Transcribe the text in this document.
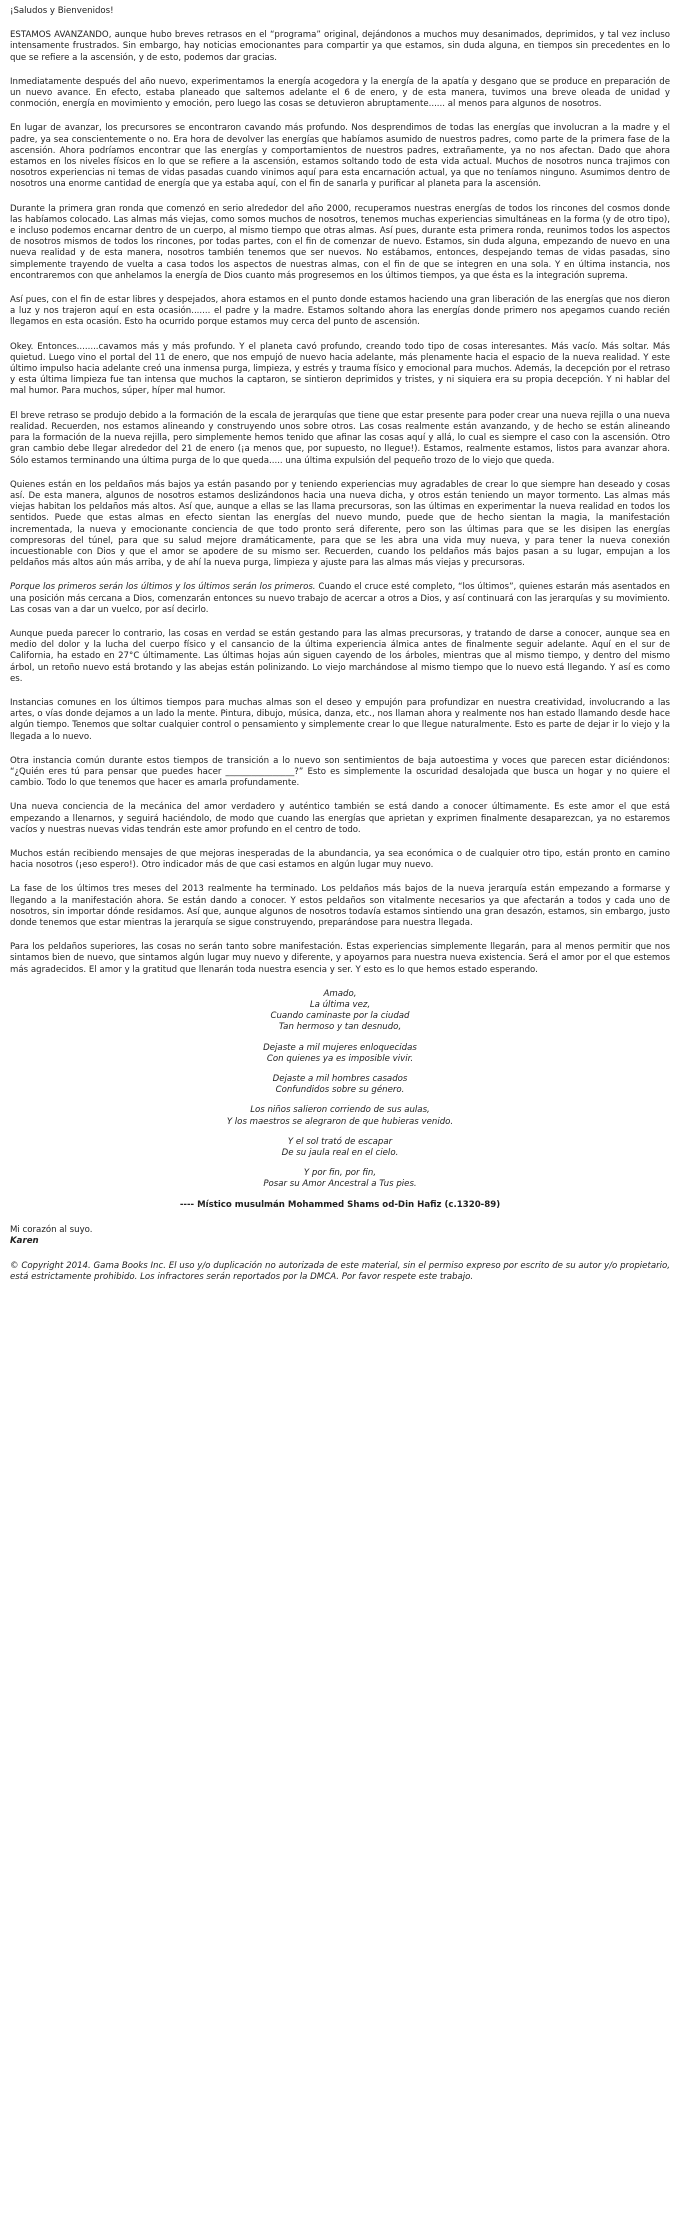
¡Saludos y Bienvenidos!

ESTAMOS AVANZANDO, aunque hubo breves retrasos en el “programa” original, dejándonos a muchos muy desanimados, deprimidos, y tal vez incluso intensamente frustrados. Sin embargo, hay noticias emocionantes para compartir ya que estamos, sin duda alguna, en tiempos sin precedentes en lo que se refiere a la ascensión, y de esto, podemos dar gracias.

Inmediatamente después del año nuevo, experimentamos la energía acogedora y la energía de la apatía y desgano que se produce en preparación de un nuevo avance. En efecto, estaba planeado que saltemos adelante el 6 de enero, y de esta manera, tuvimos una breve oleada de unidad y conmoción, energía en movimiento y emoción, pero luego las cosas se detuvieron abruptamente...... al menos para algunos de nosotros.

En lugar de avanzar, los precursores se encontraron cavando más profundo. Nos desprendimos de todas las energías que involucran a la madre y el padre, ya sea conscientemente o no. Era hora de devolver las energías que habíamos asumido de nuestros padres, como parte de la primera fase de la ascensión. Ahora podríamos encontrar que las energías y comportamientos de nuestros padres, extrañamente, ya no nos afectan. Dado que ahora estamos en los niveles físicos en lo que se refiere a la ascensión, estamos soltando todo de esta vida actual. Muchos de nosotros nunca trajimos con nosotros experiencias ni temas de vidas pasadas cuando vinimos aquí para esta encarnación actual, ya que no teníamos ninguno. Asumimos dentro de nosotros una enorme cantidad de energía que ya estaba aquí, con el fin de sanarla y purificar al planeta para la ascensión.

Durante la primera gran ronda que comenzó en serio alrededor del año 2000, recuperamos nuestras energías de todos los rincones del cosmos donde las habíamos colocado. Las almas más viejas, como somos muchos de nosotros, tenemos muchas experiencias simultáneas en la forma (y de otro tipo), e incluso podemos encarnar dentro de un cuerpo, al mismo tiempo que otras almas. Así pues, durante esta primera ronda, reunimos todos los aspectos de nosotros mismos de todos los rincones, por todas partes, con el fin de comenzar de nuevo. Estamos, sin duda alguna, empezando de nuevo en una nueva realidad y de esta manera, nosotros también tenemos que ser nuevos. No estábamos, entonces, despejando temas de vidas pasadas, sino simplemente trayendo de vuelta a casa todos los aspectos de nuestras almas, con el fin de que se integren en una sola. Y en última instancia, nos encontraremos con que anhelamos la energía de Dios cuanto más progresemos en los últimos tiempos, ya que ésta es la integración suprema.

Así pues, con el fin de estar libres y despejados, ahora estamos en el punto donde estamos haciendo una gran liberación de las energías que nos dieron a luz y nos trajeron aquí en esta ocasión....... el padre y la madre. Estamos soltando ahora las energías donde primero nos apegamos cuando recién llegamos en esta ocasión. Esto ha ocurrido porque estamos muy cerca del punto de ascensión.

Okey. Entonces........cavamos más y más profundo. Y el planeta cavó profundo, creando todo tipo de cosas interesantes. Más vacío. Más soltar. Más quietud. Luego vino el portal del 11 de enero, que nos empujó de nuevo hacia adelante, más plenamente hacia el espacio de la nueva realidad. Y este último impulso hacia adelante creó una inmensa purga, limpieza, y estrés y trauma físico y emocional para muchos. Además, la decepción por el retraso y esta última limpieza fue tan intensa que muchos la captaron, se sintieron deprimidos y tristes, y ni siquiera era su propia decepción. Y ni hablar del mal humor. Para muchos, súper, híper mal humor.

El breve retraso se produjo debido a la formación de la escala de jerarquías que tiene que estar presente para poder crear una nueva rejilla o una nueva realidad. Recuerden, nos estamos alineando y construyendo unos sobre otros. Las cosas realmente están avanzando, y de hecho se están alineando para la formación de la nueva rejilla, pero simplemente hemos tenido que afinar las cosas aquí y allá, lo cual es siempre el caso con la ascensión. Otro gran cambio debe llegar alrededor del 21 de enero (¡a menos que, por supuesto, no llegue!). Estamos, realmente estamos, listos para avanzar ahora. Sólo estamos terminando una última purga de lo que queda..... una última expulsión del pequeño trozo de lo viejo que queda.

Quienes están en los peldaños más bajos ya están pasando por y teniendo experiencias muy agradables de crear lo que siempre han deseado y cosas así. De esta manera, algunos de nosotros estamos deslizándonos hacia una nueva dicha, y otros están teniendo un mayor tormento. Las almas más viejas habitan los peldaños más altos. Así que, aunque a ellas se las llama precursoras, son las últimas en experimentar la nueva realidad en todos los sentidos. Puede que estas almas en efecto sientan las energías del nuevo mundo, puede que de hecho sientan la magia, la manifestación incrementada, la nueva y emocionante conciencia de que todo pronto será diferente, pero son las últimas para que se les disipen las energías compresoras del túnel, para que su salud mejore dramáticamente, para que se les abra una vida muy nueva, y para tener la nueva conexión incuestionable con Dios y que el amor se apodere de su mismo ser. Recuerden, cuando los peldaños más bajos pasan a su lugar, empujan a los peldaños más altos aún más arriba, y de ahí la nueva purga, limpieza y ajuste para las almas más viejas y precursoras.

Porque los primeros serán los últimos y los últimos serán los primeros. Cuando el cruce esté completo, “los últimos”, quienes estarán más asentados en una posición más cercana a Dios, comenzarán entonces su nuevo trabajo de acercar a otros a Dios, y así continuará con las jerarquías y su movimiento. Las cosas van a dar un vuelco, por así decirlo.

Aunque pueda parecer lo contrario, las cosas en verdad se están gestando para las almas precursoras, y tratando de darse a conocer, aunque sea en medio del dolor y la lucha del cuerpo físico y el cansancio de la última experiencia álmica antes de finalmente seguir adelante. Aquí en el sur de California, ha estado en 27°C últimamente. Las últimas hojas aún siguen cayendo de los árboles, mientras que al mismo tiempo, y dentro del mismo árbol, un retoño nuevo está brotando y las abejas están polinizando. Lo viejo marchándose al mismo tiempo que lo nuevo está llegando. Y así es como es.

Instancias comunes en los últimos tiempos para muchas almas son el deseo y empujón para profundizar en nuestra creatividad, involucrando a las artes, o vías donde dejamos a un lado la mente. Pintura, dibujo, música, danza, etc., nos llaman ahora y realmente nos han estado llamando desde hace algún tiempo. Tenemos que soltar cualquier control o pensamiento y simplemente crear lo que llegue naturalmente. Esto es parte de dejar ir lo viejo y la llegada a lo nuevo.

Otra instancia común durante estos tiempos de transición a lo nuevo son sentimientos de baja autoestima y voces que parecen estar diciéndonos: “¿Quién eres tú para pensar que puedes hacer ________________?” Esto es simplemente la oscuridad desalojada que busca un hogar y no quiere el cambio. Todo lo que tenemos que hacer es amarla profundamente.

Una nueva conciencia de la mecánica del amor verdadero y auténtico también se está dando a conocer últimamente. Es este amor el que está empezando a llenarnos, y seguirá haciéndolo, de modo que cuando las energías que aprietan y exprimen finalmente desaparezcan, ya no estaremos vacíos y nuestras nuevas vidas tendrán este amor profundo en el centro de todo.

Muchos están recibiendo mensajes de que mejoras inesperadas de la abundancia, ya sea económica o de cualquier otro tipo, están pronto en camino hacia nosotros (¡eso espero!). Otro indicador más de que casi estamos en algún lugar muy nuevo.

La fase de los últimos tres meses del 2013 realmente ha terminado. Los peldaños más bajos de la nueva jerarquía están empezando a formarse y llegando a la manifestación ahora. Se están dando a conocer. Y estos peldaños son vitalmente necesarios ya que afectarán a todos y cada uno de nosotros, sin importar dónde residamos. Así que, aunque algunos de nosotros todavía estamos sintiendo una gran desazón, estamos, sin embargo, justo donde tenemos que estar mientras la jerarquía se sigue construyendo, preparándose para nuestra llegada.

Para los peldaños superiores, las cosas no serán tanto sobre manifestación. Estas experiencias simplemente llegarán, para al menos permitir que nos sintamos bien de nuevo, que sintamos algún lugar muy nuevo y diferente, y apoyarnos para nuestra nueva existencia. Será el amor por el que estemos más agradecidos. El amor y la gratitud que llenarán toda nuestra esencia y ser. Y esto es lo que hemos estado esperando.

Amado,
La última vez,
Cuando caminaste por la ciudad
Tan hermoso y tan desnudo,
Dejaste a mil mujeres enloquecidas
Con quienes ya es imposible vivir.
Dejaste a mil hombres casados
Confundidos sobre su género.
Los niños salieron corriendo de sus aulas,
Y los maestros se alegraron de que hubieras venido.
Y el sol trató de escapar
De su jaula real en el cielo.
Y por fin, por fin,
Posar su Amor Ancestral a Tus pies.
---- Místico musulmán Mohammed Shams od-Din Hafiz (c.1320-89)
Mi corazón al suyo.
Karen

© Copyright 2014. Gama Books Inc. El uso y/o duplicación no autorizada de este material, sin el permiso expreso por escrito de su autor y/o propietario, está estrictamente prohibido. Los infractores serán reportados por la DMCA. Por favor respete este trabajo.
